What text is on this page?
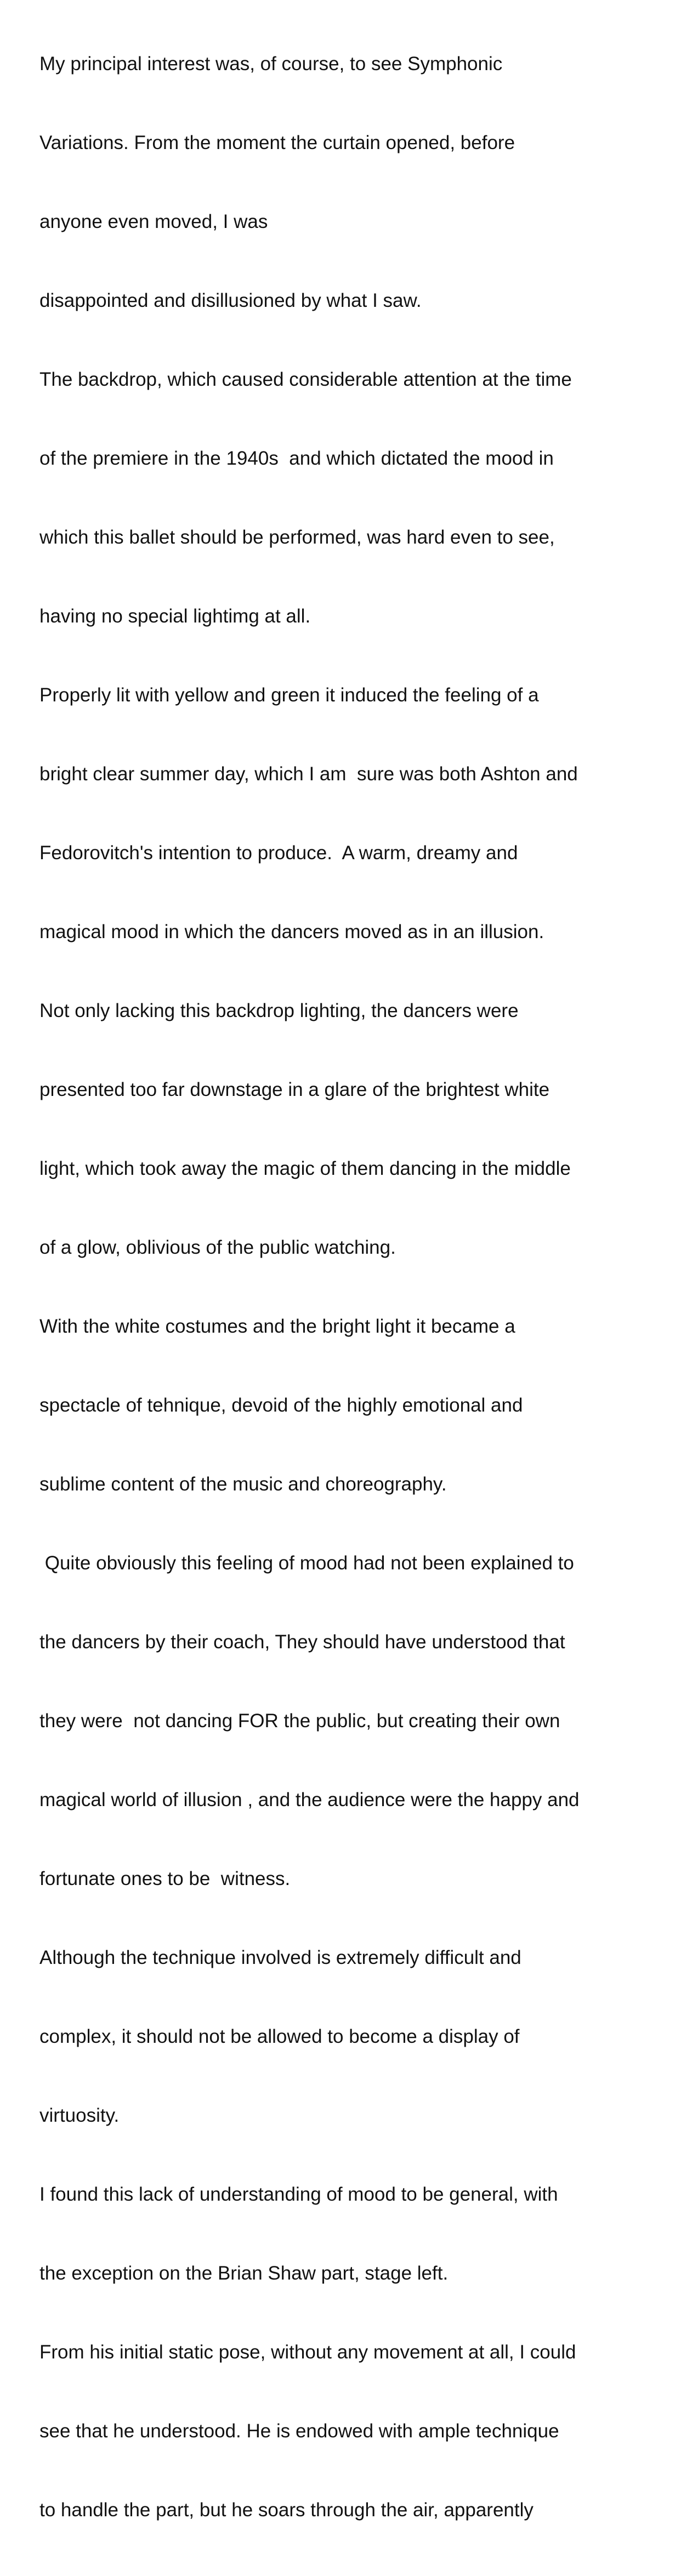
My principal interest was, of course, to see Symphonic

Variations. From the moment the curtain opened, before

anyone even moved, I was

disappointed and disillusioned by what I saw.

The backdrop, which caused considerable attention at the time

of the premiere in the 1940s  and which dictated the mood in

which this ballet should be performed, was hard even to see,

having no special lightimg at all.

Properly lit with yellow and green it induced the feeling of a

bright clear summer day, which I am  sure was both Ashton and

Fedorovitch's intention to produce.  A warm, dreamy and

magical mood in which the dancers moved as in an illusion.

Not only lacking this backdrop lighting, the dancers were

presented too far downstage in a glare of the brightest white

light, which took away the magic of them dancing in the middle

of a glow, oblivious of the public watching.

With the white costumes and the bright light it became a

spectacle of tehnique, devoid of the highly emotional and

sublime content of the music and choreography.

Quite obviously this feeling of mood had not been explained to

the dancers by their coach, They should have understood that

they were  not dancing FOR the public, but creating their own

magical world of illusion , and the audience were the happy and

fortunate ones to be  witness.

Although the technique involved is extremely difficult and

complex, it should not be allowed to become a display of

virtuosity.

I found this lack of understanding of mood to be general, with

the exception on the Brian Shaw part, stage left.

From his initial static pose, without any movement at all, I could

see that he understood. He is endowed with ample technique

to handle the part, but he soars through the air, apparently
